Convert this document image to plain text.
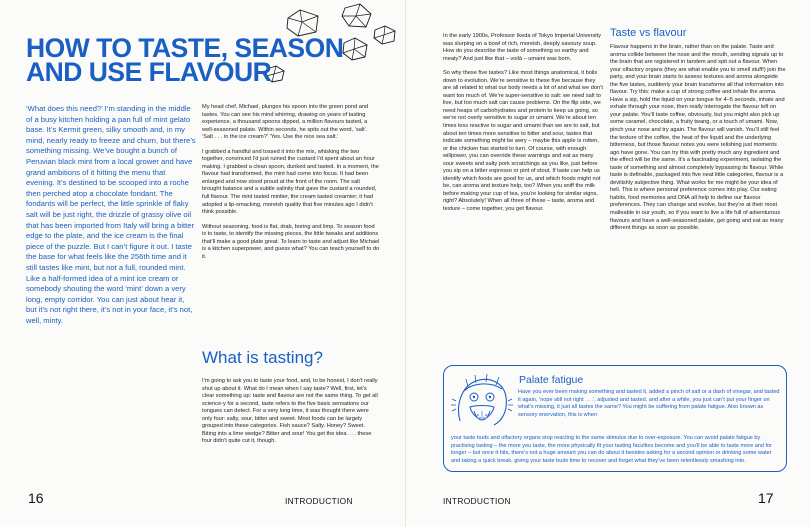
HOW TO TASTE, SEASON
AND USE FLAVOUR

‘What does this need?’ I’m standing in the middle of a busy kitchen holding a pan full of mint gelato base. It’s Kermit green, silky smooth and, in my mind, nearly ready to freeze and churn, but there’s something missing. We’ve bought a bunch of Peruvian black mint from a local grower and have grand ambitions of it hitting the menu that evening. It’s destined to be scooped into a roche then perched atop a chocolate fondant. The fondants will be perfect, the little sprinkle of flaky salt will be just right, the drizzle of grassy olive oil that has been imported from Italy will bring a bitter edge to the plate, and the ice cream is the final piece of the puzzle. But I can’t figure it out. I taste the base for what feels like the 256th time and it still tastes like mint, but not a full, rounded mint. Like a half-formed idea of a mint ice cream or somebody shouting the word ‘mint’ down a very long, empty corridor. You can just about hear it, but it’s not right there, it’s not in your face, it’s not, well, minty.

My head chef, Michael, plunges his spoon into the green pond and tastes. You can see his mind whirring, drawing on years of tasting experience, a thousand spoons dipped, a million flavours tasted, a well-seasoned palate. Within seconds, he spits out the word, ‘salt’. ‘Salt . . . in the ice cream?’ ‘Yes. Use the nice sea salt.’

I grabbed a handful and tossed it into the mix, whisking the two together, convinced I’d just ruined the custard I’d spent about an hour making. I grabbed a clean spoon, dunked and tasted. In a moment, the flavour had transformed, the mint had come into focus. It had been enlarged and now stood proud at the front of the room. The salt brought balance and a subtle salinity that gave the custard a rounded, full flavour. The mint tasted mintier, the cream tasted creamier; it had adopted a lip-smacking, moreish quality that five minutes ago I didn’t think possible.

Without seasoning, food is flat, drab, boring and limp. To season food is to taste, to identify the missing pieces, the little tweaks and additions that’ll make a good plate great. To learn to taste and adjust like Michael is a kitchen superpower, and guess what? You can teach yourself to do it.

What is tasting?

I’m going to ask you to taste your food, and, to be honest, I don’t really shut up about it. What do I mean when I say taste? Well, first, let’s clear something up: taste and flavour are not the same thing. To get all science-y for a second, taste refers to the five basic sensations our tongues can detect. For a very long time, it was thought there were only four: salty, sour, bitter and sweet. Most foods can be largely grouped into these categories. Fish sauce? Salty. Honey? Sweet. Biting into a lime wedge? Bitter and sour! You get the idea . . . these four didn’t quite cut it, though.

16	INTRODUCTION

In the early 1900s, Professor Ikeda of Tokyo Imperial University was slurping on a bowl of rich, moreish, deeply savoury soup. How do you describe the taste of something so earthy and meaty? And just like that – voilà – umami was born.

So why these five tastes? Like most things anatomical, it boils down to evolution. We’re sensitive to these five because they are all related to what our body needs a lot of and what we don’t want too much of. We’re super-sensitive to salt: we need salt to live, but too much salt can cause problems. On the flip side, we need heaps of carbohydrates and protein to keep us going, so we’re not overly sensitive to sugar or umami. We’re about ten times less reactive to sugar and umami than we are to salt, but about ten times more sensitive to bitter and sour, tastes that indicate something might be awry – maybe this apple is rotten, or the chicken has started to turn. Of course, with enough willpower, you can override these warnings and eat as many sour sweets and salty pork scratchings as you like, just before you sip on a bitter espresso or pint of stout. If taste can help us identify which foods are good for us, and which foods might not be, can aroma and texture help, too? When you sniff the milk before making your cup of tea, you’re looking for similar signs, right? Absolutely! When all three of these – taste, aroma and texture – come together, you get flavour.

Taste vs flavour

Flavour happens in the brain, rather than on the palate. Taste and aroma collide between the nose and the mouth, sending signals up to the brain that are registered in tandem and spit out a flavour. When your olfactory organs (they are what enable you to smell stuff!) join the party, and your brain starts to assess textures and aroma alongside the five tastes, suddenly your brain transforms all that information into flavour. Try this: make a cup of strong coffee and inhale the aroma. Have a sip, hold the liquid on your tongue for 4–5 seconds, inhale and exhale through your nose, then really interrogate the flavour left on your palate. You’ll taste coffee, obviously, but you might also pick up some caramel, chocolate, a fruity twang, or a touch of umami. Now, pinch your nose and try again. The flavour will vanish. You’ll still feel the texture of the coffee, the heat of the liquid and the underlying bitterness, but those flavour notes you were relishing just moments ago have gone. You can try this with pretty much any ingredient and the effect will be the same. It’s a fascinating experiment, isolating the taste of something and almost completely bypassing its flavour. While taste is definable, packaged into five neat little categories, flavour is a devilishly subjective thing. What works for me might be your idea of hell. This is where personal preference comes into play. Our eating habits, food memories and DNA all help to define our flavour preferences. They can change and evolve, but they’re at their most malleable in our youth, so if you want to live a life full of adventurous flavours and have a well-seasoned palate, get going and eat as many different things as soon as possible.

Palate fatigue

Have you ever been making something and tasted it, added a pinch of salt or a dash of vinegar, and tasted it again, ‘nope still not right . . .’, adjusted and tasted, and after a while, you just can’t put your finger on what’s missing, it just all tastes the same? You might be suffering from palate fatigue. Also known as sensory enervation, this is when

your taste buds and olfactory organs stop reacting to the same stimulus due to over-exposure. You can avoid palate fatigue by practising tasting – the more you taste, the more physically fit your tasting faculties become and you’ll be able to taste more and for longer – but once it hits, there’s not a huge amount you can do about it besides asking for a second opinion or drinking some water and taking a quick break, giving your taste buds time to recover and forget what they’ve been relentlessly smashing into.

INTRODUCTION	17
